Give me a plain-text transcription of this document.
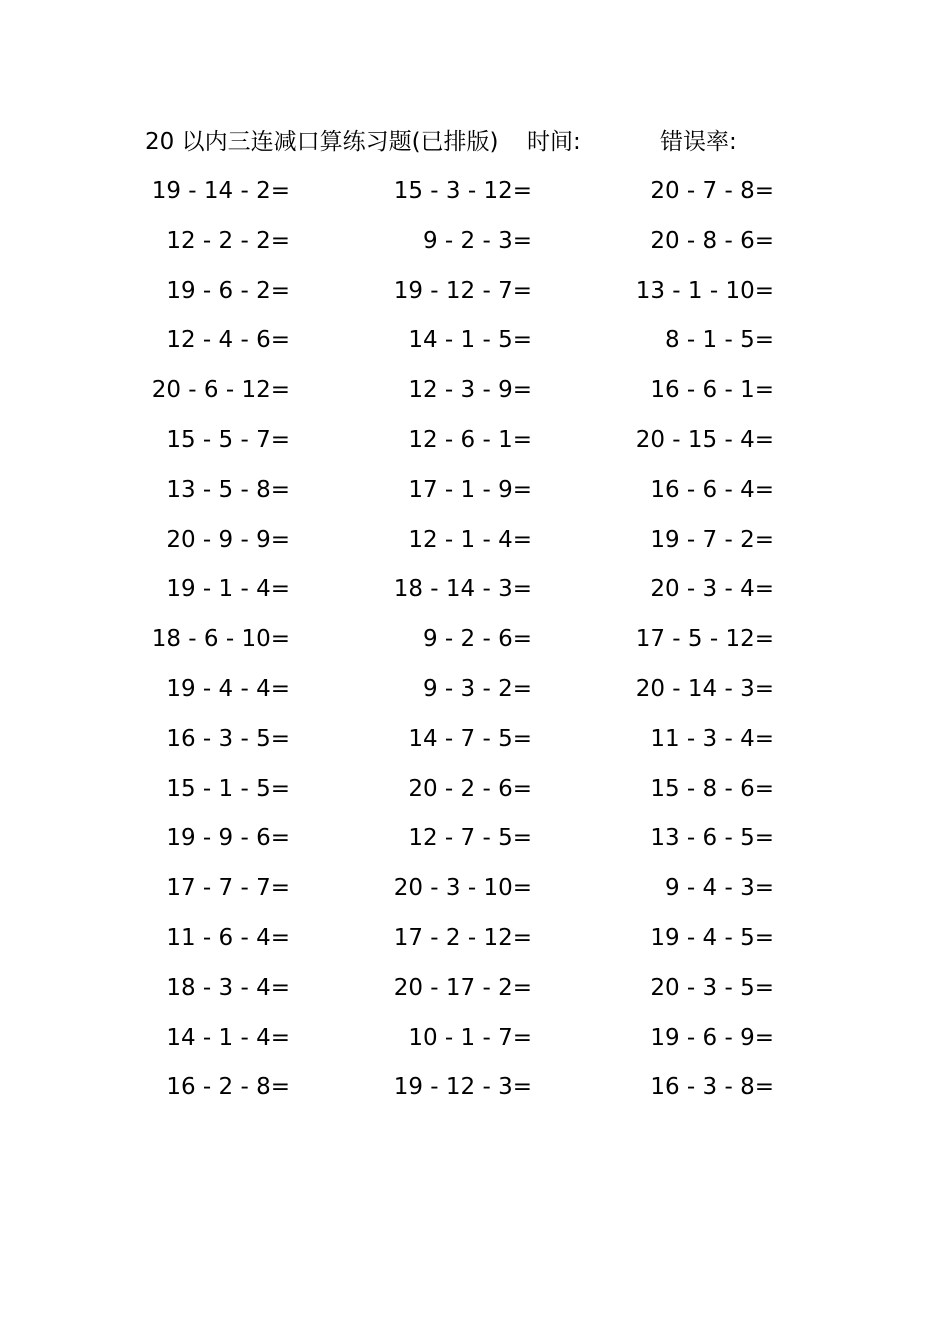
20 以内三连减口算练习题(已排版) 时间:	错误率:
19 - 14 - 2=	15 - 3 - 12=	20 - 7 - 8=
12 - 2 - 2=	9 - 2 - 3=	20 - 8 - 6=
19 - 6 - 2=	19 - 12 - 7=	13 - 1 - 10=
12 - 4 - 6=	14 - 1 - 5=	8 - 1 - 5=
20 - 6 - 12=	12 - 3 - 9=	16 - 6 - 1=
15 - 5 - 7=	12 - 6 - 1=	20 - 15 - 4=
13 - 5 - 8=	17 - 1 - 9=	16 - 6 - 4=
20 - 9 - 9=	12 - 1 - 4=	19 - 7 - 2=
19 - 1 - 4=	18 - 14 - 3=	20 - 3 - 4=
18 - 6 - 10=	9 - 2 - 6=	17 - 5 - 12=
19 - 4 - 4=	9 - 3 - 2=	20 - 14 - 3=
16 - 3 - 5=	14 - 7 - 5=	11 - 3 - 4=
15 - 1 - 5=	20 - 2 - 6=	15 - 8 - 6=
19 - 9 - 6=	12 - 7 - 5=	13 - 6 - 5=
17 - 7 - 7=	20 - 3 - 10=	9 - 4 - 3=
11 - 6 - 4=	17 - 2 - 12=	19 - 4 - 5=
18 - 3 - 4=	20 - 17 - 2=	20 - 3 - 5=
14 - 1 - 4=	10 - 1 - 7=	19 - 6 - 9=
16 - 2 - 8=	19 - 12 - 3=	16 - 3 - 8=
